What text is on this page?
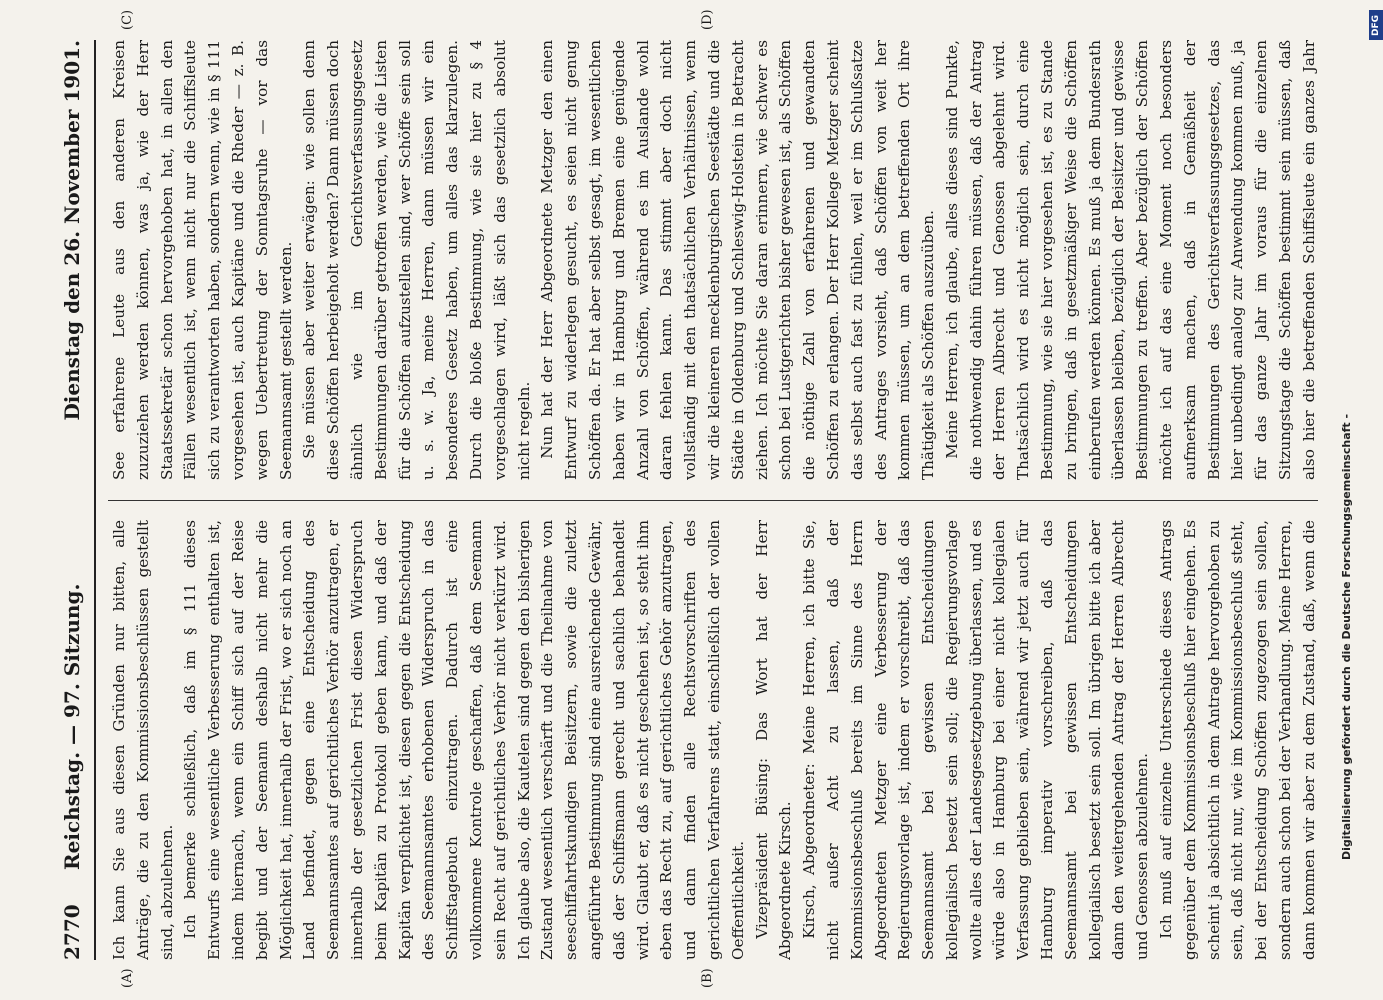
2770
Reichstag. — 97. Sitzung.
Dienstag den 26. November 1901.

Ich kann Sie aus diesen Gründen nur bitten, alle Anträge, die zu den Kommissionsbeschlüssen gestellt sind, abzulehnen. Ich bemerke schließlich, daß im § 111 dieses Entwurfs eine wesentliche Verbesserung enthalten ist, indem hiernach, wenn ein Schiff sich auf der Reise begibt und der Seemann deshalb nicht mehr die Möglichkeit hat, innerhalb der Frist, wo er sich noch an Land befindet, gegen eine Entscheidung des Seemannsamtes auf gerichtliches Verhör anzutragen, er innerhalb der gesetzlichen Frist diesen Widerspruch beim Kapitän zu Protokoll geben kann, und daß der Kapitän verpflichtet ist, diesen gegen die Entscheidung des Seemannsamtes erhobenen Widerspruch in das Schiffstagebuch einzutragen. Dadurch ist eine vollkommene Kontrole geschaffen, daß dem Seemann sein Recht auf gerichtliches Verhör nicht verkürzt wird. Ich glaube also, die Kautelen sind gegen den bisherigen Zustand wesentlich verschärft und die Theilnahme von seeschiffahrtskundigen Beisitzern, sowie die zuletzt angeführte Bestimmung sind eine ausreichende Gewähr, daß der Schiffsmann gerecht und sachlich behandelt wird. Glaubt er, daß es nicht geschehen ist, so steht ihm eben das Recht zu, auf gerichtliches Gehör anzutragen, und dann finden alle Rechtsvorschriften des gerichtlichen Verfahrens statt, einschließlich der vollen Oeffentlichkeit. Vizepräsident Büsing: Das Wort hat der Herr Abgeordnete Kirsch. Kirsch, Abgeordneter: Meine Herren, ich bitte Sie, nicht außer Acht zu lassen, daß der Kommissionsbeschluß bereits im Sinne des Herrn Abgeordneten Metzger eine Verbesserung der Regierungsvorlage ist, indem er vorschreibt, daß das Seemannsamt bei gewissen Entscheidungen kollegialisch besetzt sein soll; die Regierungsvorlage wollte alles der Landesgesetzgebung überlassen, und es würde also in Hamburg bei einer nicht kollegialen Verfassung geblieben sein, während wir jetzt auch für Hamburg imperativ vorschreiben, daß das Seemannsamt bei gewissen Entscheidungen kollegialisch besetzt sein soll. Im übrigen bitte ich aber dann den weitergehenden Antrag der Herren Albrecht und Genossen abzulehnen. Ich muß auf einzelne Unterschiede dieses Antrags gegenüber dem Kommissionsbeschluß hier eingehen. Es scheint ja absichtlich in dem Antrage hervorgehoben zu sein, daß nicht nur, wie im Kommissionsbeschluß steht, bei der Entscheidung Schöffen zugezogen sein sollen, sondern auch schon bei der Verhandlung. Meine Herren, dann kommen wir aber zu dem Zustand, daß, wenn die

See erfahrene Leute aus den anderen Kreisen zuzuziehen werden können, was ja, wie der Herr Staatssekretär schon hervorgehoben hat, in allen den Fällen wesentlich ist, wenn nicht nur die Schiffsleute sich zu verantworten haben, sondern wenn, wie in § 111 vorgesehen ist, auch Kapitäne und die Rheder — z. B. wegen Uebertretung der Sonntagsruhe — vor das Seemannsamt gestellt werden. Sie müssen aber weiter erwägen: wie sollen denn diese Schöffen herbeigeholt werden? Dann müssen doch ähnlich wie im Gerichtsverfassungsgesetz Bestimmungen darüber getroffen werden, wie die Listen für die Schöffen aufzustellen sind, wer Schöffe sein soll u. s. w. Ja, meine Herren, dann müssen wir ein besonderes Gesetz haben, um alles das klarzulegen. Durch die bloße Bestimmung, wie sie hier zu § 4 vorgeschlagen wird, läßt sich das gesetzlich absolut nicht regeln. Nun hat der Herr Abgeordnete Metzger den einen Entwurf zu widerlegen gesucht, es seien nicht genug Schöffen da. Er hat aber selbst gesagt, im wesentlichen haben wir in Hamburg und Bremen eine genügende Anzahl von Schöffen, während es im Auslande wohl daran fehlen kann. Das stimmt aber doch nicht vollständig mit den thatsächlichen Verhältnissen, wenn wir die kleineren mecklenburgischen Seestädte und die Städte in Oldenburg und Schleswig-Holstein in Betracht ziehen. Ich möchte Sie daran erinnern, wie schwer es schon bei Lustgerichten bisher gewesen ist, als Schöffen die nöthige Zahl von erfahrenen und gewandten Schöffen zu erlangen. Der Herr Kollege Metzger scheint das selbst auch fast zu fühlen, weil er im Schlußsatze des Antrages vorsieht, daß Schöffen von weit her kommen müssen, um an dem betreffenden Ort ihre Thätigkeit als Schöffen auszuüben. Meine Herren, ich glaube, alles dieses sind Punkte, die nothwendig dahin führen müssen, daß der Antrag der Herren Albrecht und Genossen abgelehnt wird. Thatsächlich wird es nicht möglich sein, durch eine Bestimmung, wie sie hier vorgesehen ist, es zu Stande zu bringen, daß in gesetzmäßiger Weise die Schöffen einberufen werden können. Es muß ja dem Bundesrath überlassen bleiben, bezüglich der Beisitzer und gewisse Bestimmungen zu treffen. Aber bezüglich der Schöffen möchte ich auf das eine Moment noch besonders aufmerksam machen, daß in Gemäßheit der Bestimmungen des Gerichtsverfassungsgesetzes, das hier unbedingt analog zur Anwendung kommen muß, ja für das ganze Jahr im voraus für die einzelnen Sitzungstage die Schöffen bestimmt sein müssen, daß also hier die betreffenden Schiffsleute ein ganzes Jahr

(A)	(B)
(C)	(D)
Digitalisierung gefördert durch die Deutsche Forschungsgemeinschaft -
DFG
